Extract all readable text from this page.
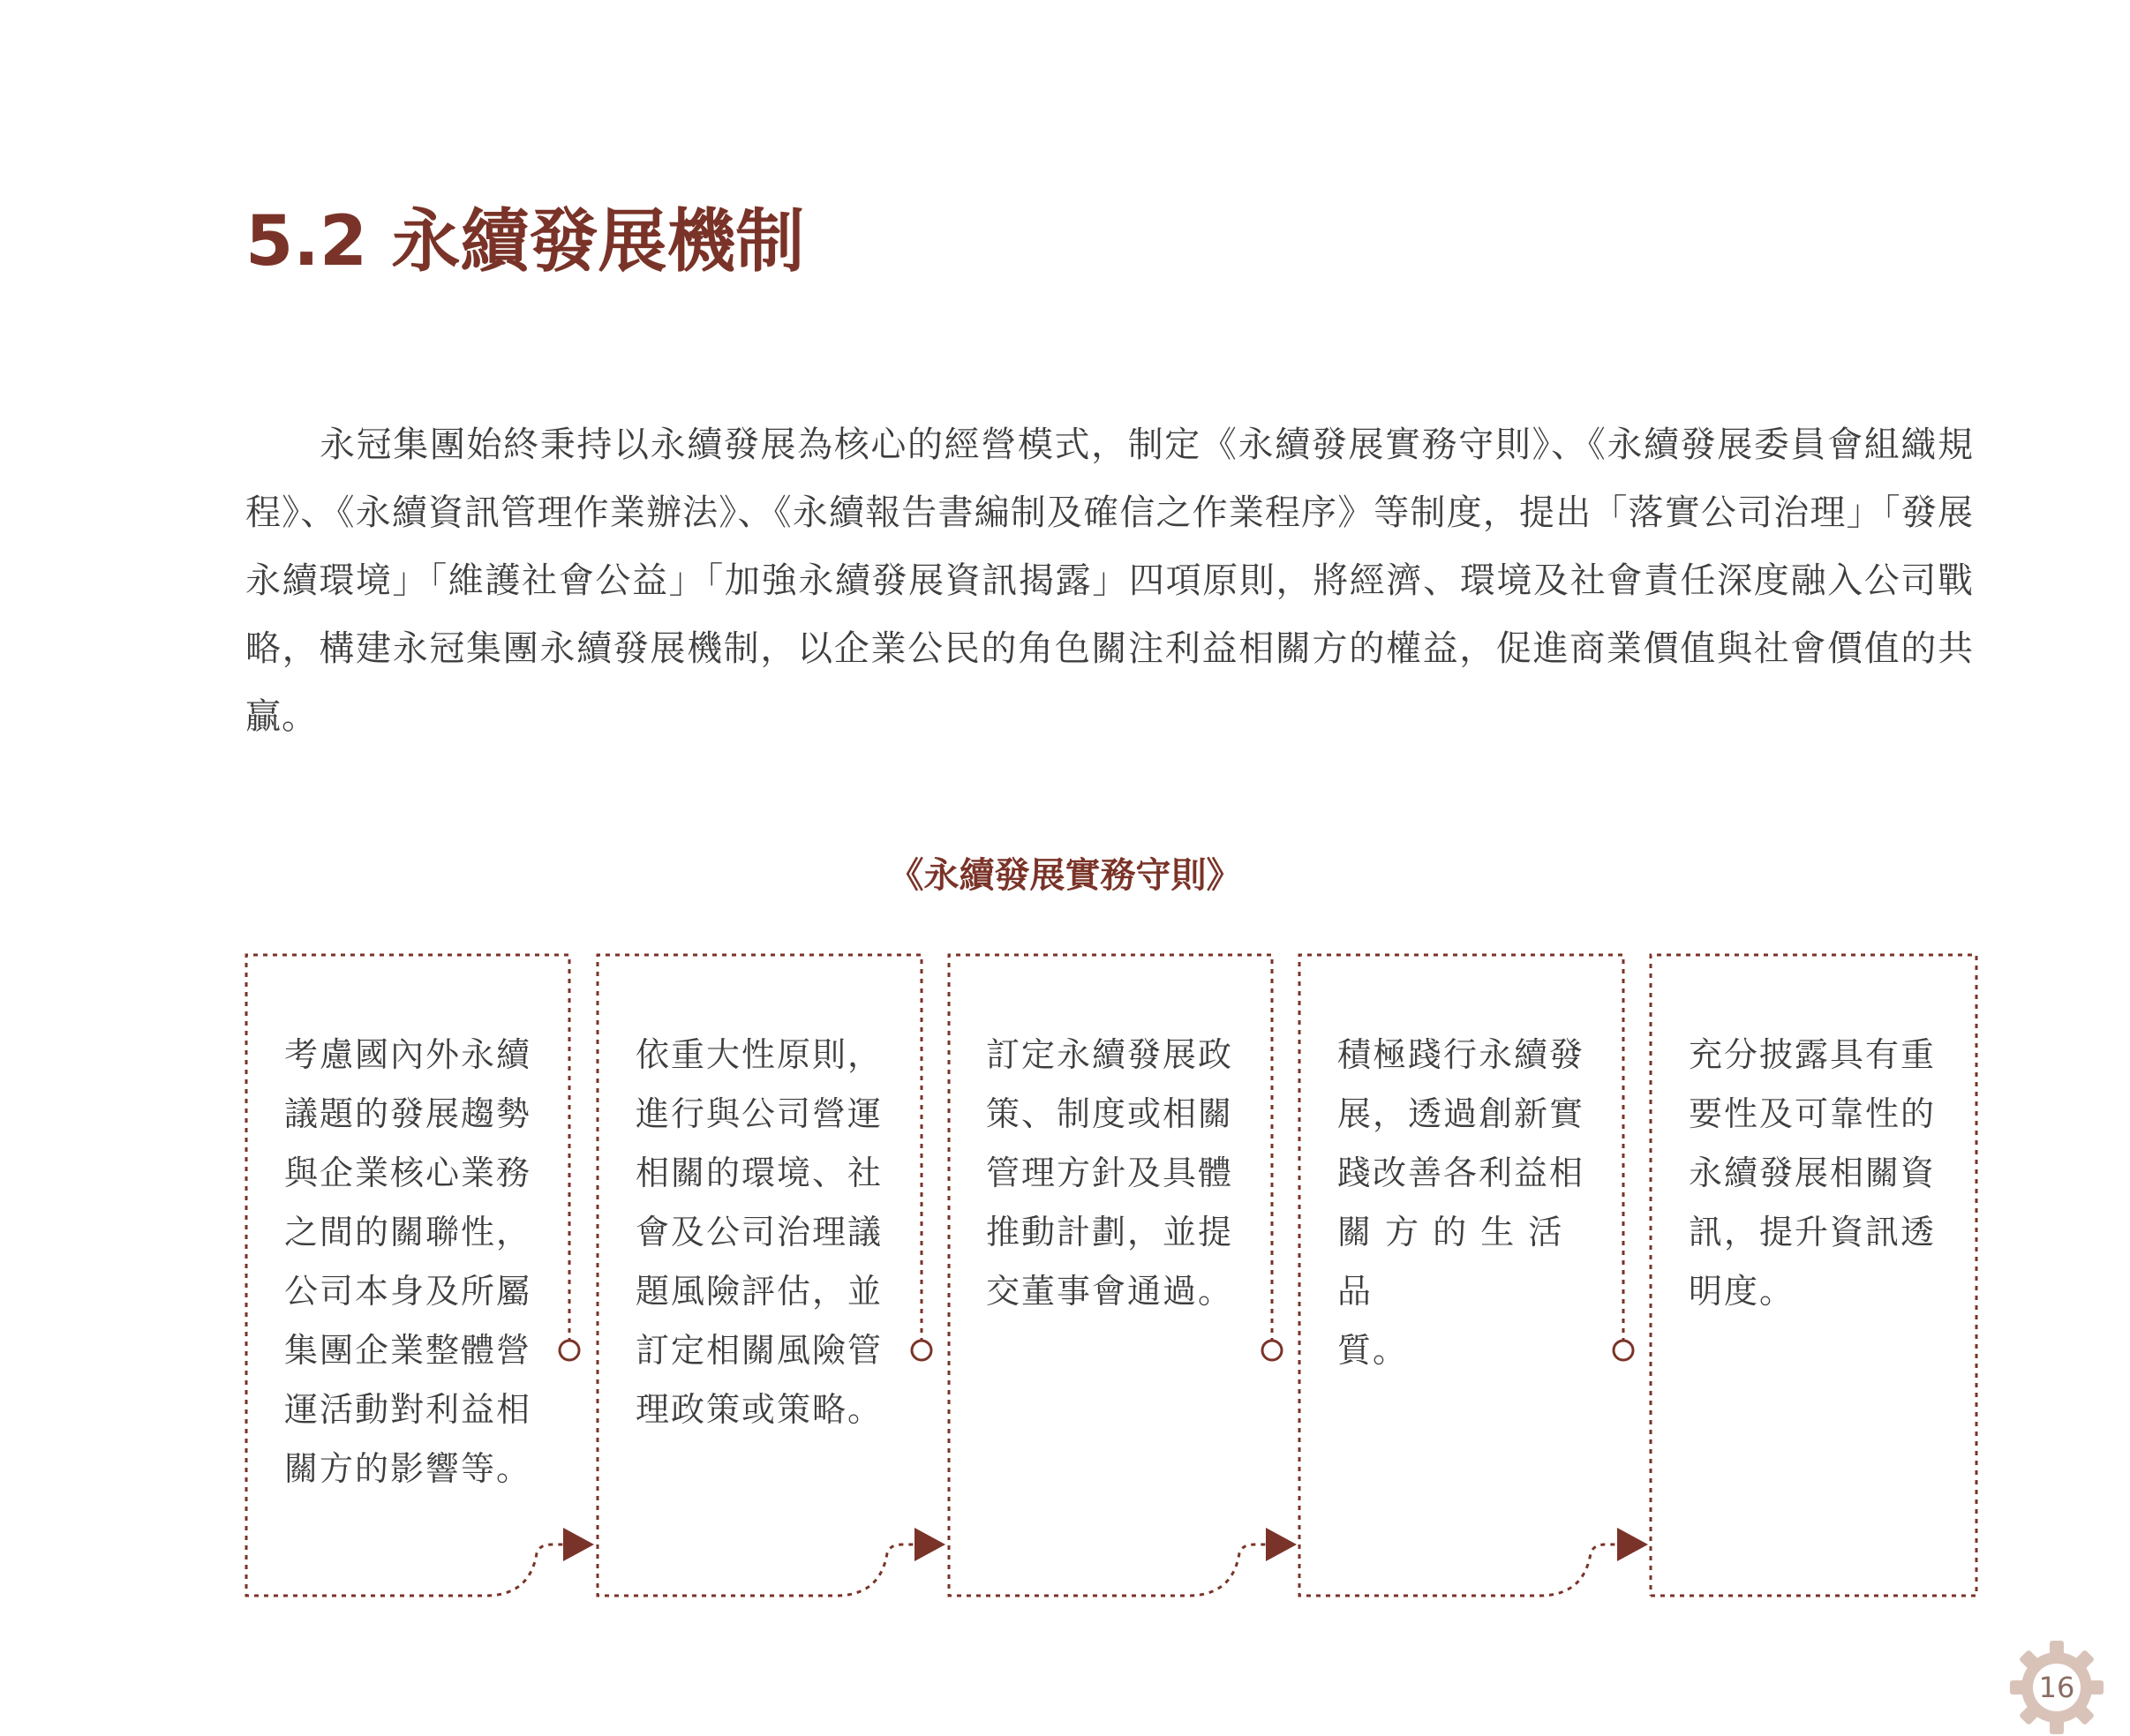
5.2 永續發展機制

永冠集團始終秉持以永續發展為核心的經營模式，制定《永續發展實務守則》、《永續發展委員會組織規程》、《永續資訊管理作業辦法》、《永續報告書編制及確信之作業程序》等制度，提出「落實公司治理」「發展永續環境」「維護社會公益」「加強永續發展資訊揭露」四項原則，將經濟、環境及社會責任深度融入公司戰略，構建永冠集團永續發展機制，以企業公民的角色關注利益相關方的權益，促進商業價值與社會價值的共贏。

《永續發展實務守則》

考慮國內外永續
議題的發展趨勢
與企業核心業務
之間的關聯性，
公司本身及所屬
集團企業整體營
運活動對利益相
關方的影響等。

依重大性原則，
進行與公司營運
相關的環境、社
會及公司治理議
題風險評估，並
訂定相關風險管
理政策或策略。

訂定永續發展政
策、制度或相關
管理方針及具體
推動計劃，並提
交董事會通過。

積極踐行永續發
展，透過創新實
踐改善各利益相
關 方 的 生 活 品
質。

充分披露具有重
要性及可靠性的
永續發展相關資
訊，提升資訊透
明度。

16
